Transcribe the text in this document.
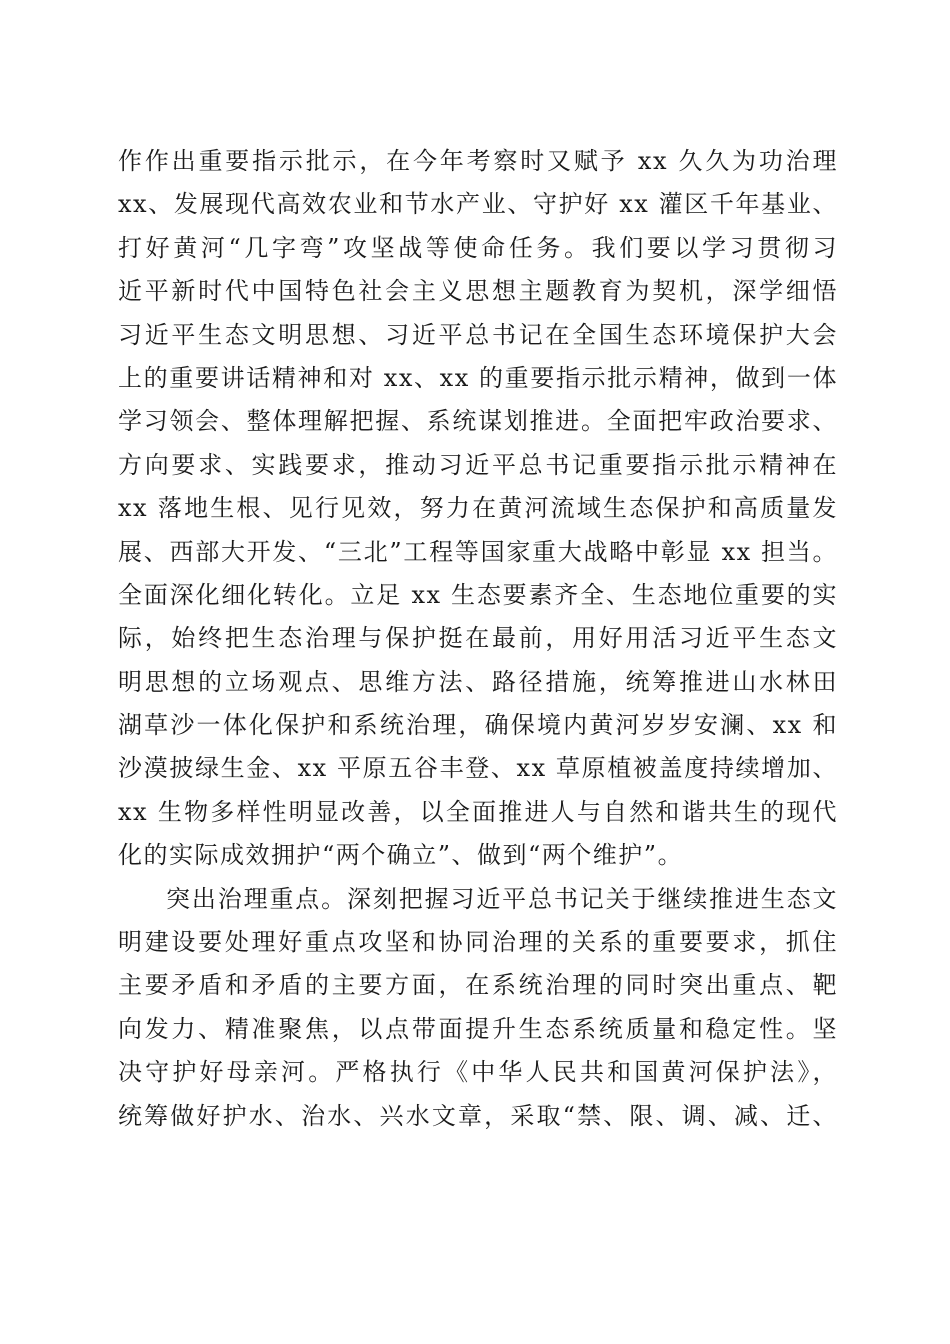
作作出重要指示批示，在今年考察时又赋予 xx 久久为功治理
xx、发展现代高效农业和节水产业、守护好 xx 灌区千年基业、
打好黄河“几字弯”攻坚战等使命任务。我们要以学习贯彻习
近平新时代中国特色社会主义思想主题教育为契机，深学细悟
习近平生态文明思想、习近平总书记在全国生态环境保护大会
上的重要讲话精神和对 xx、xx 的重要指示批示精神，做到一体
学习领会、整体理解把握、系统谋划推进。全面把牢政治要求、
方向要求、实践要求，推动习近平总书记重要指示批示精神在
xx 落地生根、见行见效，努力在黄河流域生态保护和高质量发
展、西部大开发、“三北”工程等国家重大战略中彰显 xx 担当。
全面深化细化转化。立足 xx 生态要素齐全、生态地位重要的实
际，始终把生态治理与保护挺在最前，用好用活习近平生态文
明思想的立场观点、思维方法、路径措施，统筹推进山水林田
湖草沙一体化保护和系统治理，确保境内黄河岁岁安澜、xx 和
沙漠披绿生金、xx 平原五谷丰登、xx 草原植被盖度持续增加、
xx 生物多样性明显改善，以全面推进人与自然和谐共生的现代
化的实际成效拥护“两个确立”、做到“两个维护”。
突出治理重点。深刻把握习近平总书记关于继续推进生态文
明建设要处理好重点攻坚和协同治理的关系的重要要求，抓住
主要矛盾和矛盾的主要方面，在系统治理的同时突出重点、靶
向发力、精准聚焦，以点带面提升生态系统质量和稳定性。坚
决守护好母亲河。严格执行《中华人民共和国黄河保护法》，
统筹做好护水、治水、兴水文章，采取“禁、限、调、减、迁、
